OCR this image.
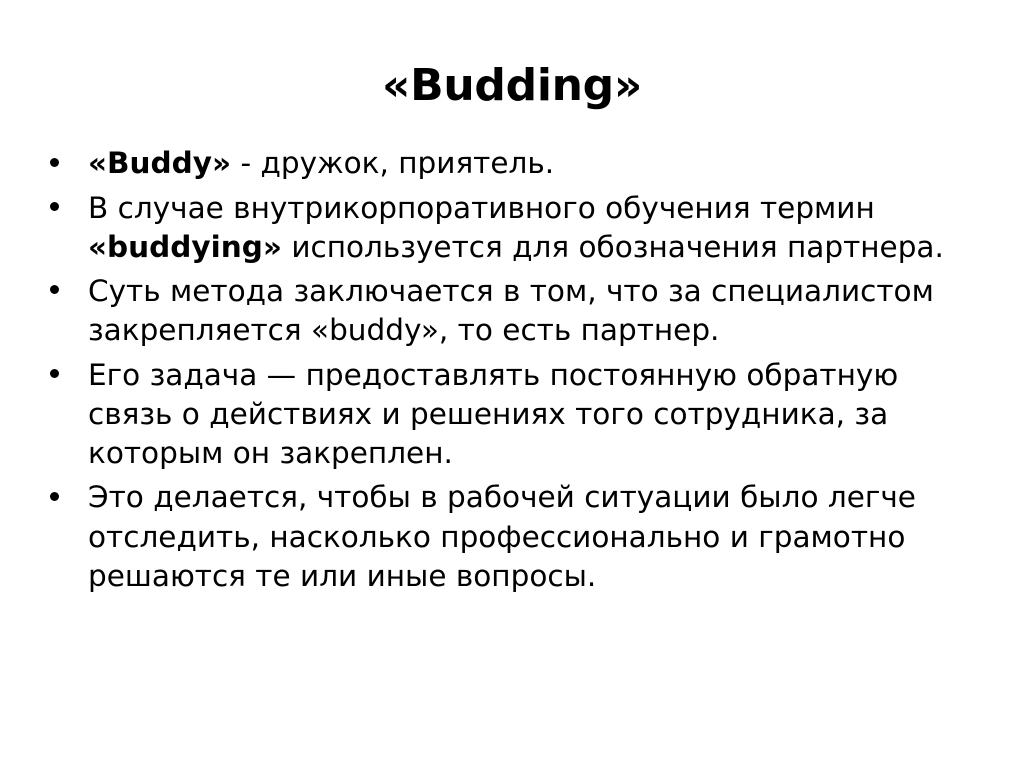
«Budding»
«Buddy» - дружок, приятель.
В случае внутрикорпоративного обучения термин «buddying» используется для обозначения партнера.
Суть метода заключается в том, что за специалистом закрепляется «buddy», то есть партнер.
Его задача — предоставлять постоянную обратную связь о действиях и решениях того сотрудника, за которым он закреплен.
Это делается, чтобы в рабочей ситуации было легче отследить, насколько профессионально и грамотно решаются те или иные вопросы.
